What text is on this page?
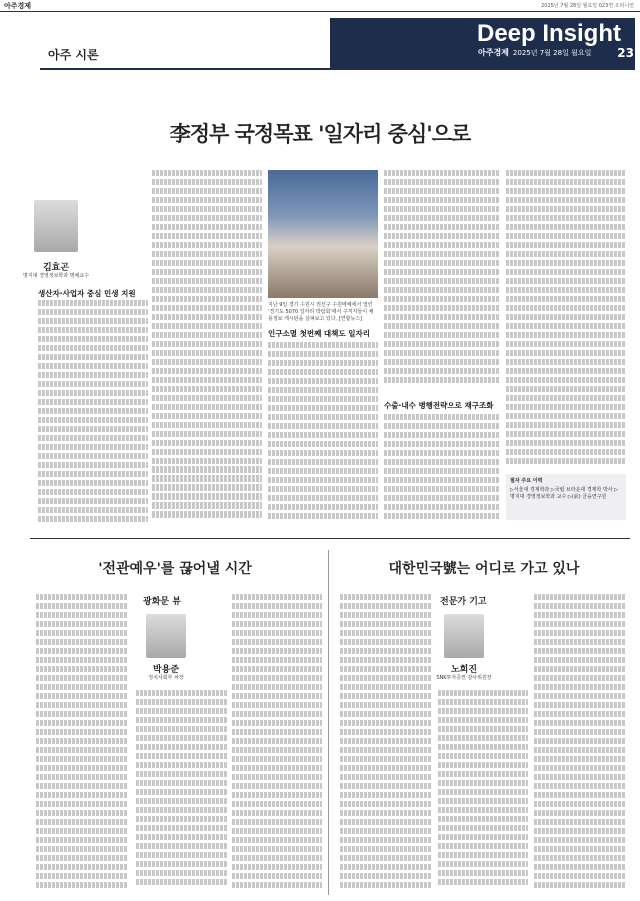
아주경제	2025년 7월 28일 월요일 023면 오피니언
Deep Insight
아주 시론	아주경제 2025년 7월 28일 월요일 23
李정부 국정목표 '일자리 중심'으로
김효곤
명지대 경영정보학과 명예교수
생산자·사업자 중심 민생 지원
지난 9일 경기 수원시 권선구 수원메쎄에서 열린 '경기도 5070 일자리 박람회'에서 구직자들이 채용정보 게시판을 살펴보고 있다. [연합뉴스]
인구소멸 첫번째 대책도 일자리
수출·내수 병행전략으로 재구조화
필자 주요 이력
▷서울대 경제학과 ▷국립 브라운대 경제학 박사 ▷명지대 경영정보학과 교수 ▷(前) 금융연구원
'전관예우'를 끊어낼 시간
광화문 뷰
박용준
정치사회부 차장
대한민국號는 어디로 가고 있나
전문가 기고
노희진
SNK투자증권 감사위원장
